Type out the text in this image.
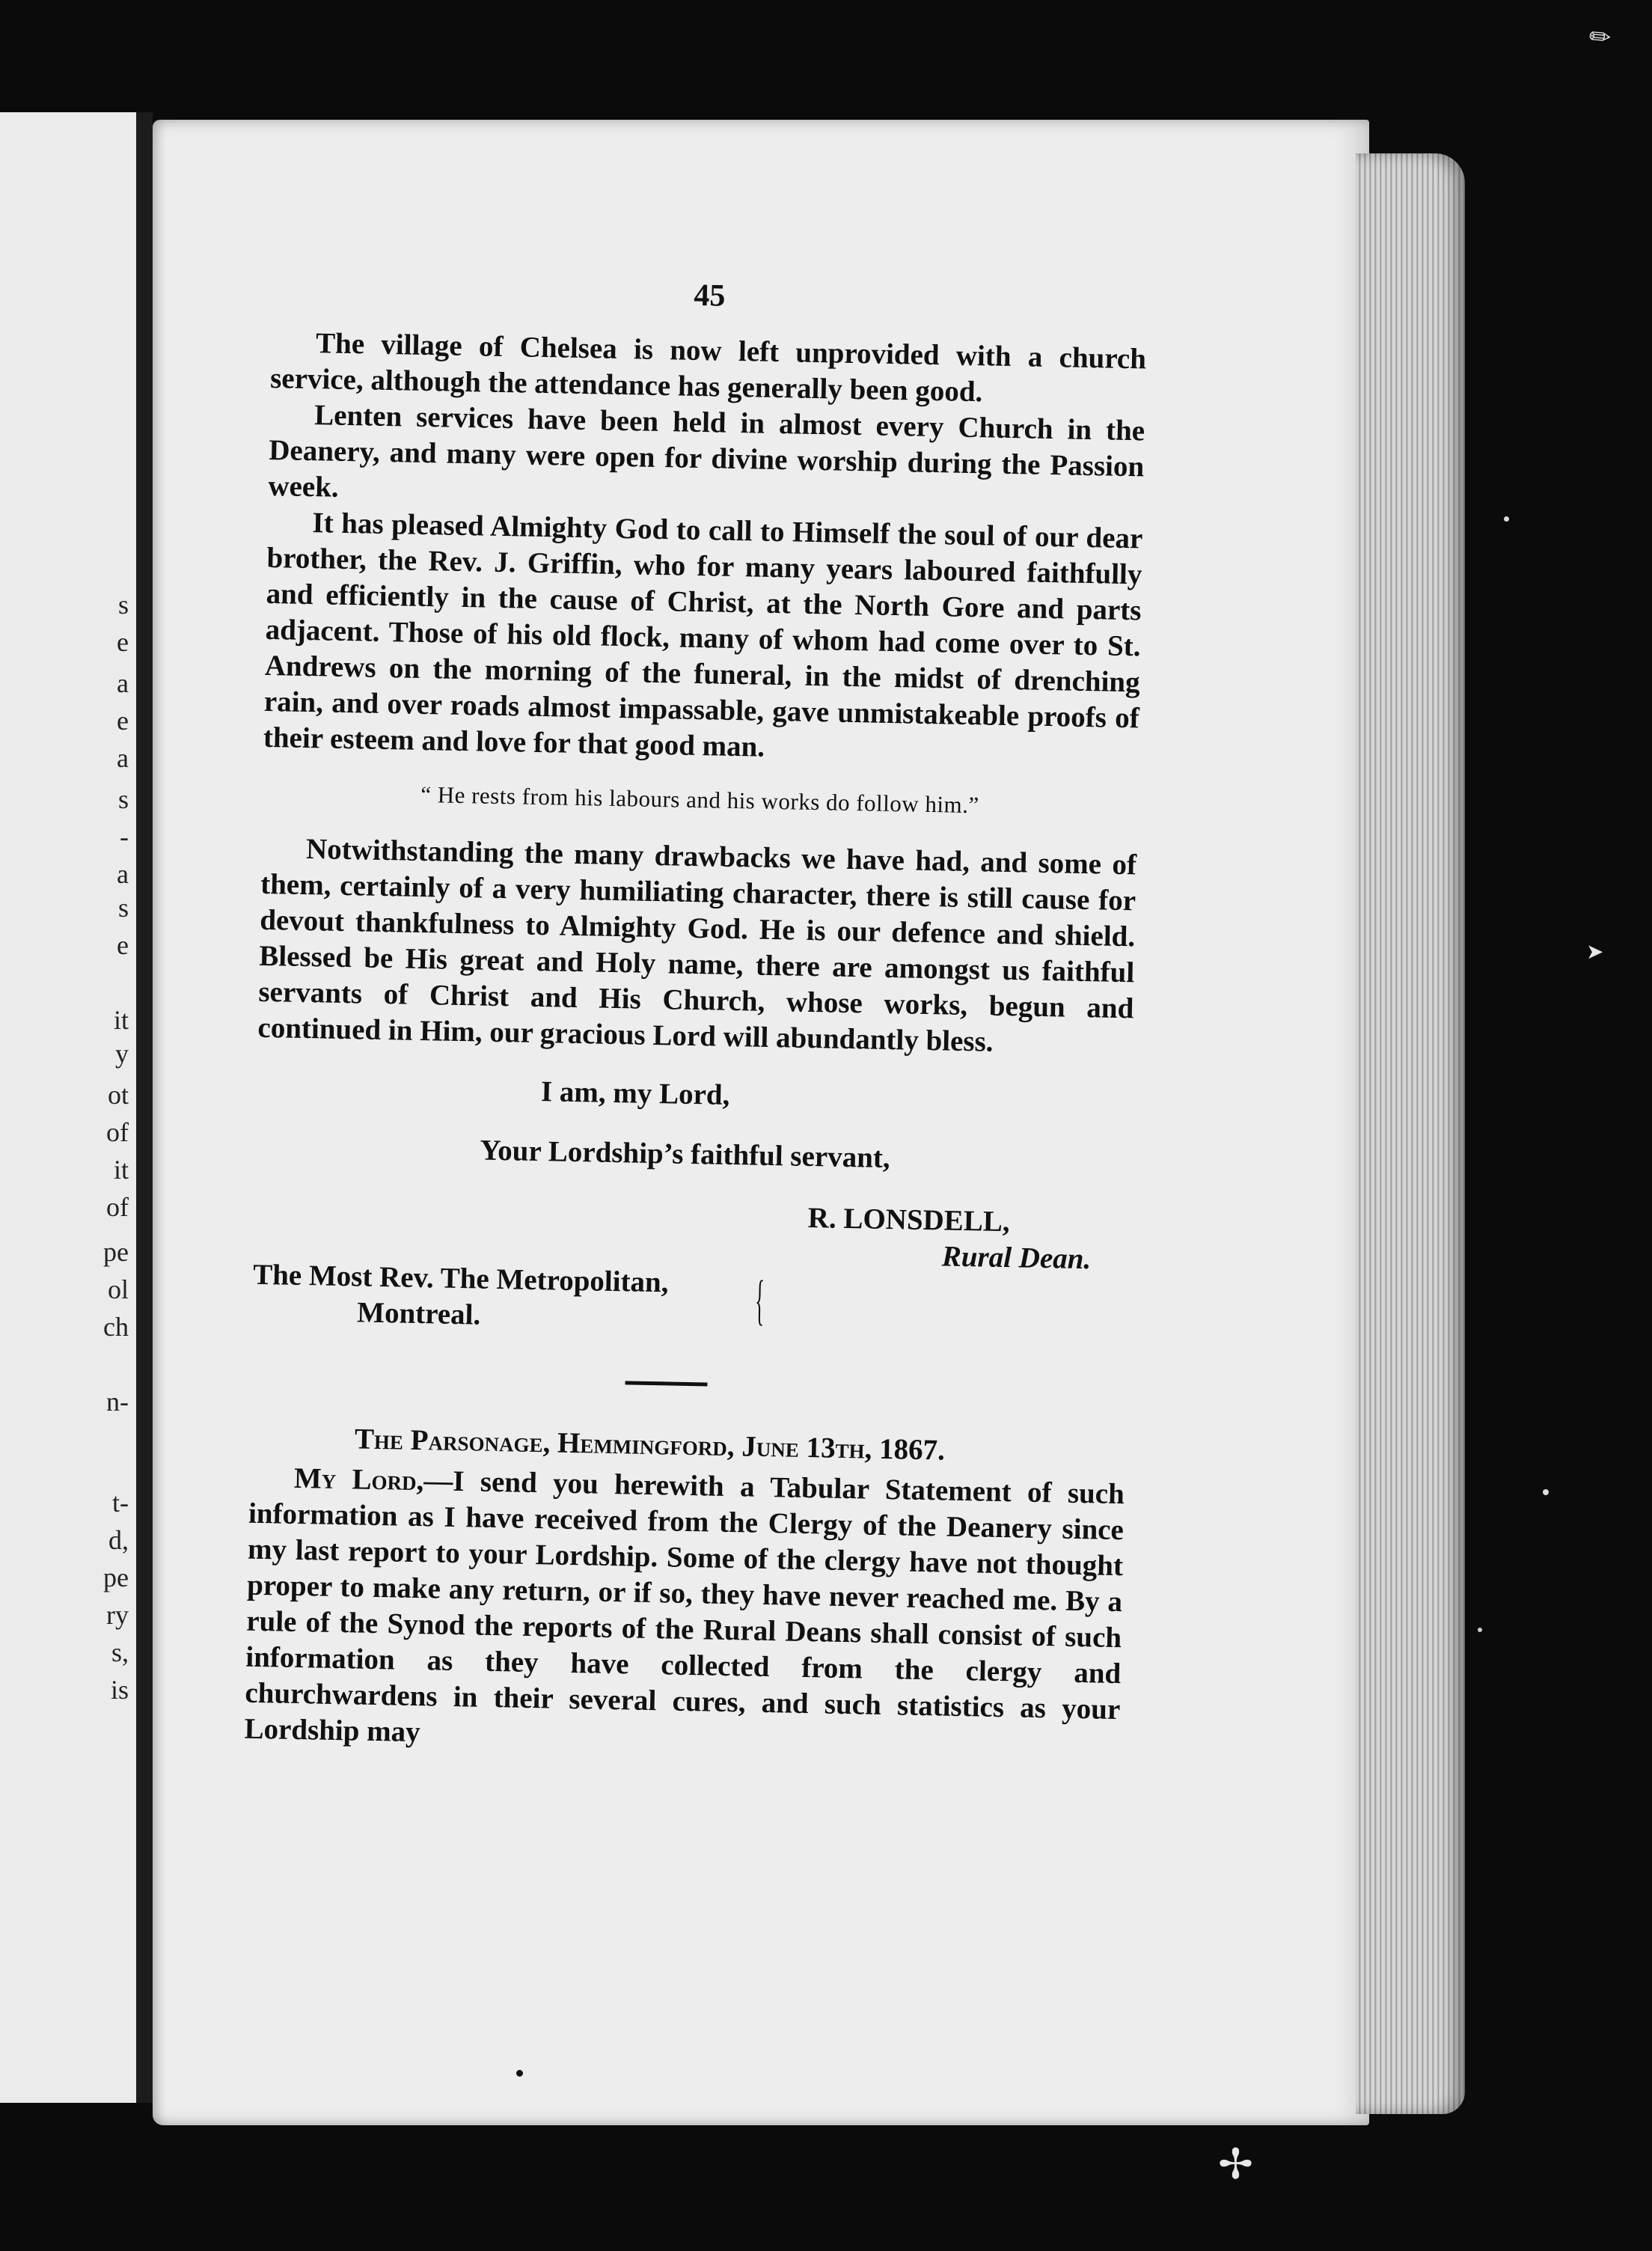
s
e
a
e
a
s
-
a
s
e
it
y
ot
of
it
of
pe
ol
ch
n-
t-
d,
pe
ry
s,
is
45

The village of Chelsea is now left unprovided with a church service, although the attendance has generally been good.

Lenten services have been held in almost every Church in the Deanery, and many were open for divine worship during the Passion week.

It has pleased Almighty God to call to Himself the soul of our dear brother, the Rev. J. Griffin, who for many years laboured faithfully and efficiently in the cause of Christ, at the North Gore and parts adjacent. Those of his old flock, many of whom had come over to St. Andrews on the morning of the funeral, in the midst of drenching rain, and over roads almost impassable, gave unmistakeable proofs of their esteem and love for that good man.

“ He rests from his labours and his works do follow him.”

Notwithstanding the many drawbacks we have had, and some of them, certainly of a very humiliating character, there is still cause for devout thankfulness to Almighty God. He is our defence and shield. Blessed be His great and Holy name, there are amongst us faithful servants of Christ and His Church, whose works, begun and continued in Him, our gracious Lord will abundantly bless.

I am, my Lord,

Your Lordship’s faithful servant,

R. LONSDELL,

Rural Dean.

The Most Rev. The Metropolitan,
Montreal.	{

The Parsonage, Hemmingford, June 13th, 1867.

My Lord,—I send you herewith a Tabular Statement of such information as I have received from the Clergy of the Deanery since my last report to your Lordship. Some of the clergy have not thought proper to make any return, or if so, they have never reached me. By a rule of the Synod the reports of the Rural Deans shall consist of such information as they have collected from the clergy and churchwardens in their several cures, and such statistics as your Lordship may

✎
➤
✢
